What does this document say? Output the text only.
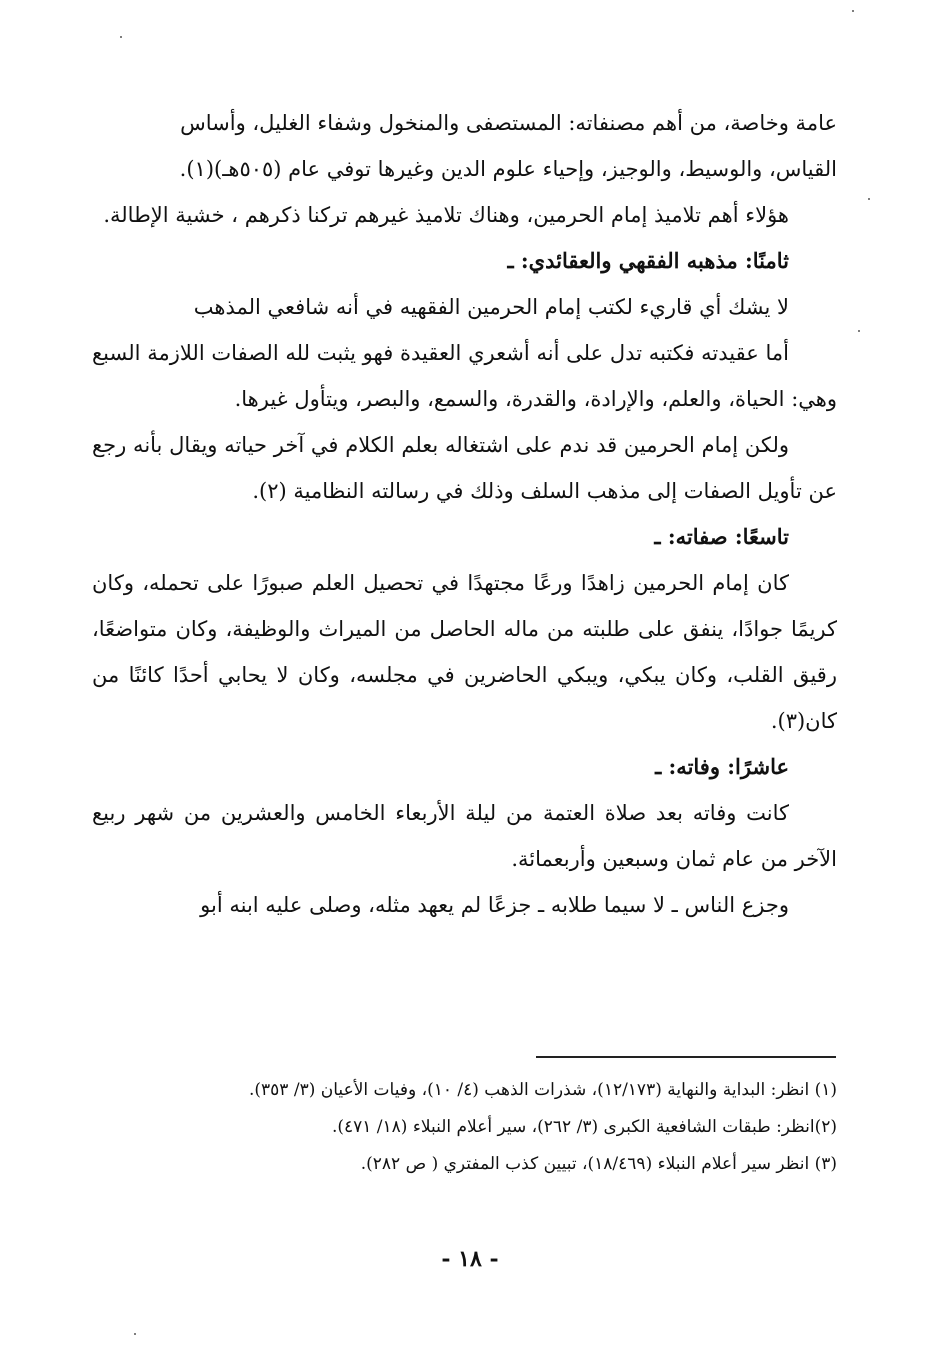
عامة وخاصة، من أهم مصنفاته: المستصفى والمنخول وشفاء الغليل، وأساس

القياس، والوسيط، والوجيز، وإحياء علوم الدين وغيرها توفي عام (٥٠٥هـ)(١).

هؤلاء أهم تلاميذ إمام الحرمين، وهناك تلاميذ غيرهم تركنا ذكرهم ، خشية الإطالة.

ثامنًا: مذهبه الفقهي والعقائدي: ـ

لا يشك أي قاريء لكتب إمام الحرمين الفقهيه في أنه شافعي المذهب

أما عقيدته فكتبه تدل على أنه أشعري العقيدة فهو يثبت لله الصفات اللازمة السبع وهي: الحياة، والعلم، والإرادة، والقدرة، والسمع، والبصر، ويتأول غيرها.

ولكن إمام الحرمين قد ندم على اشتغاله بعلم الكلام في آخر حياته ويقال بأنه رجع عن تأويل الصفات إلى مذهب السلف وذلك في رسالته النظامية (٢).

تاسعًا: صفاته: ـ

كان إمام الحرمين زاهدًا ورعًا مجتهدًا في تحصيل العلم صبورًا على تحمله، وكان كريمًا جوادًا، ينفق على طلبته من ماله الحاصل من الميراث والوظيفة، وكان متواضعًا، رقيق القلب، وكان يبكي، ويبكي الحاضرين في مجلسه، وكان لا يحابي أحدًا كائنًا من كان(٣).

عاشرًا: وفاته: ـ

كانت وفاته بعد صلاة العتمة من ليلة الأربعاء الخامس والعشرين من شهر ربيع الآخر من عام ثمان وسبعين وأربعمائة.

وجزع الناس ـ لا سيما طلابه ـ جزعًا لم يعهد مثله، وصلى عليه ابنه أبو

(١) انظر: البداية والنهاية (١٢/١٧٣)، شذرات الذهب (٤/ ١٠)، وفيات الأعيان (٣/ ٣٥٣).

(٢)انظر: طبقات الشافعية الكبرى (٣/ ٢٦٢)، سير أعلام النبلاء (١٨/ ٤٧١).

(٣) انظر سير أعلام النبلاء (١٨/٤٦٩)، تبيين كذب المفتري ( ص ٢٨٢).

- ١٨ -
